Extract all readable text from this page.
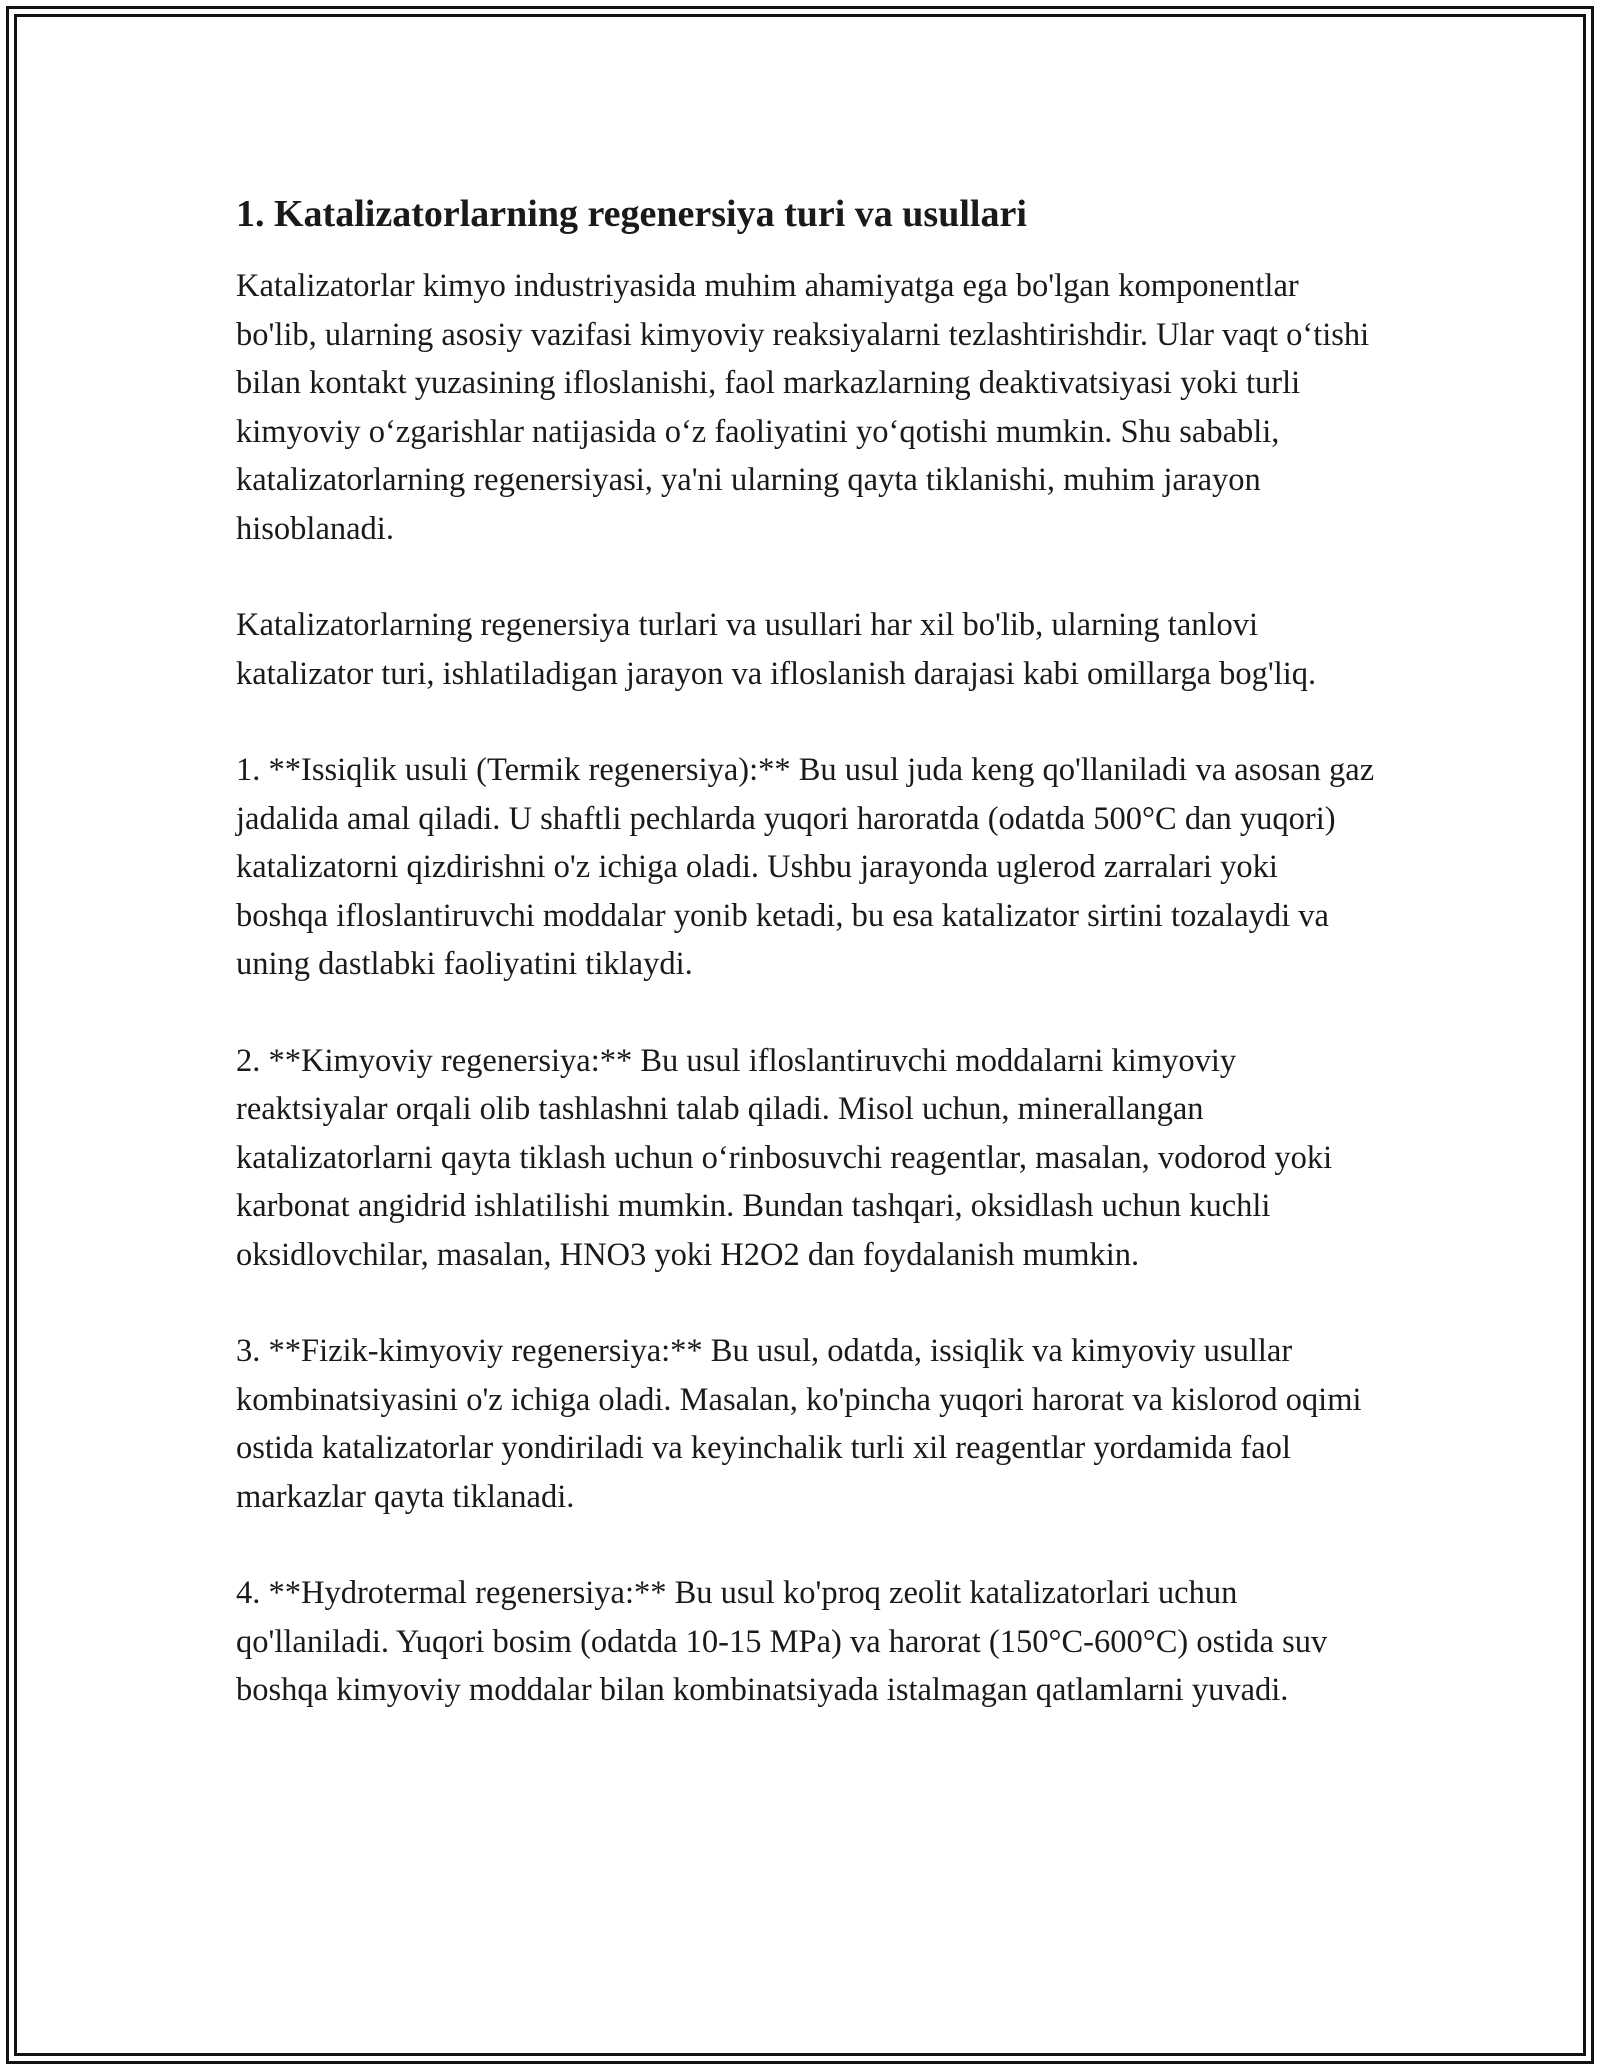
1. Katalizatorlarning regenersiya turi va usullari

Katalizatorlar kimyo industriyasida muhim ahamiyatga ega bo'lgan komponentlar bo'lib, ularning asosiy vazifasi kimyoviy reaksiyalarni tezlashtirishdir. Ular vaqt o‘tishi bilan kontakt yuzasining ifloslanishi, faol markazlarning deaktivatsiyasi yoki turli kimyoviy o‘zgarishlar natijasida o‘z faoliyatini yo‘qotishi mumkin. Shu sababli, katalizatorlarning regenersiyasi, ya'ni ularning qayta tiklanishi, muhim jarayon hisoblanadi.

Katalizatorlarning regenersiya turlari va usullari har xil bo'lib, ularning tanlovi katalizator turi, ishlatiladigan jarayon va ifloslanish darajasi kabi omillarga bog'liq.

1. **Issiqlik usuli (Termik regenersiya):** Bu usul juda keng qo'llaniladi va asosan gaz jadalida amal qiladi. U shaftli pechlarda yuqori haroratda (odatda 500°C dan yuqori) katalizatorni qizdirishni o'z ichiga oladi. Ushbu jarayonda uglerod zarralari yoki boshqa ifloslantiruvchi moddalar yonib ketadi, bu esa katalizator sirtini tozalaydi va uning dastlabki faoliyatini tiklaydi.

2. **Kimyoviy regenersiya:** Bu usul ifloslantiruvchi moddalarni kimyoviy reaktsiyalar orqali olib tashlashni talab qiladi. Misol uchun, minerallangan katalizatorlarni qayta tiklash uchun o‘rinbosuvchi reagentlar, masalan, vodorod yoki karbonat angidrid ishlatilishi mumkin. Bundan tashqari, oksidlash uchun kuchli oksidlovchilar, masalan, HNO3 yoki H2O2 dan foydalanish mumkin.

3. **Fizik-kimyoviy regenersiya:** Bu usul, odatda, issiqlik va kimyoviy usullar kombinatsiyasini o'z ichiga oladi. Masalan, ko'pincha yuqori harorat va kislorod oqimi ostida katalizatorlar yondiriladi va keyinchalik turli xil reagentlar yordamida faol markazlar qayta tiklanadi.

4. **Hydrotermal regenersiya:** Bu usul ko'proq zeolit katalizatorlari uchun qo'llaniladi. Yuqori bosim (odatda 10-15 MPa) va harorat (150°C-600°C) ostida suv boshqa kimyoviy moddalar bilan kombinatsiyada istalmagan qatlamlarni yuvadi.
